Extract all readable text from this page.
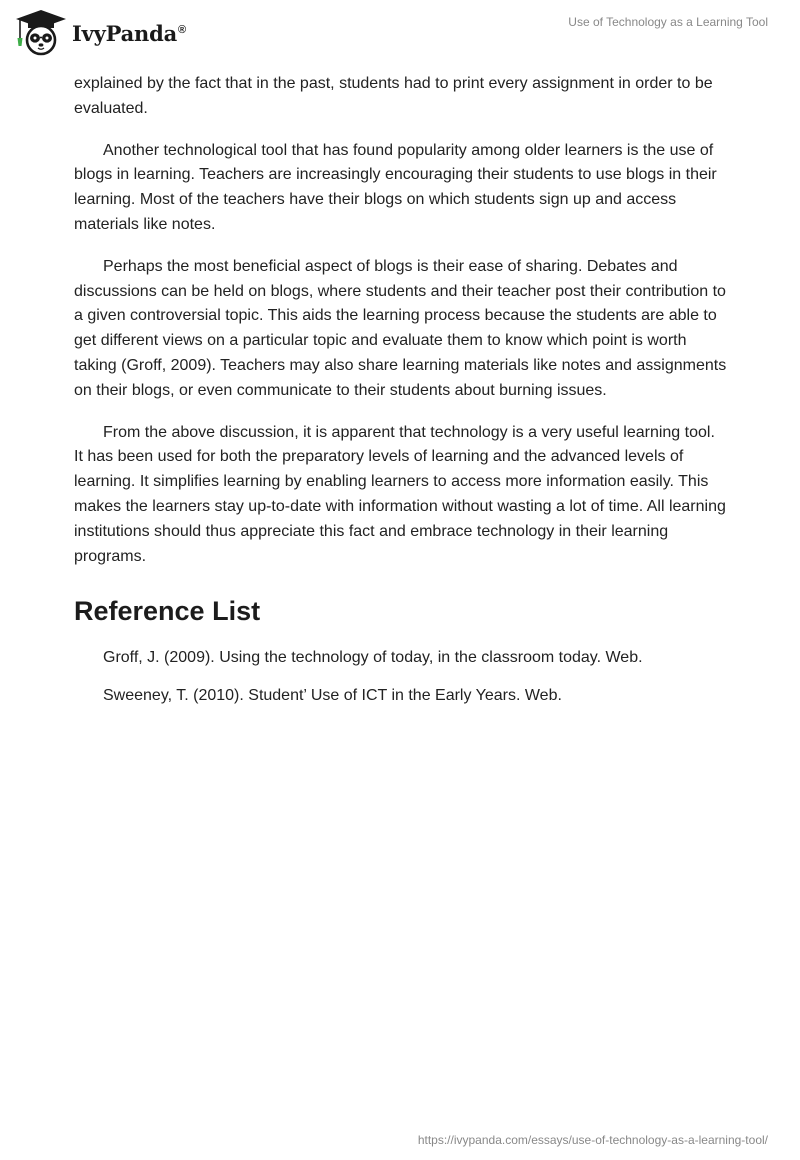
IvyPanda®
Use of Technology as a Learning Tool

explained by the fact that in the past, students had to print every assignment in order to be evaluated.

Another technological tool that has found popularity among older learners is the use of blogs in learning. Teachers are increasingly encouraging their students to use blogs in their learning. Most of the teachers have their blogs on which students sign up and access materials like notes.

Perhaps the most beneficial aspect of blogs is their ease of sharing. Debates and discussions can be held on blogs, where students and their teacher post their contribution to a given controversial topic. This aids the learning process because the students are able to get different views on a particular topic and evaluate them to know which point is worth taking (Groff, 2009). Teachers may also share learning materials like notes and assignments on their blogs, or even communicate to their students about burning issues.

From the above discussion, it is apparent that technology is a very useful learning tool. It has been used for both the preparatory levels of learning and the advanced levels of learning. It simplifies learning by enabling learners to access more information easily. This makes the learners stay up-to-date with information without wasting a lot of time. All learning institutions should thus appreciate this fact and embrace technology in their learning programs.

Reference List

Groff, J. (2009). Using the technology of today, in the classroom today. Web.

Sweeney, T. (2010). Student’ Use of ICT in the Early Years. Web.

https://ivypanda.com/essays/use-of-technology-as-a-learning-tool/
